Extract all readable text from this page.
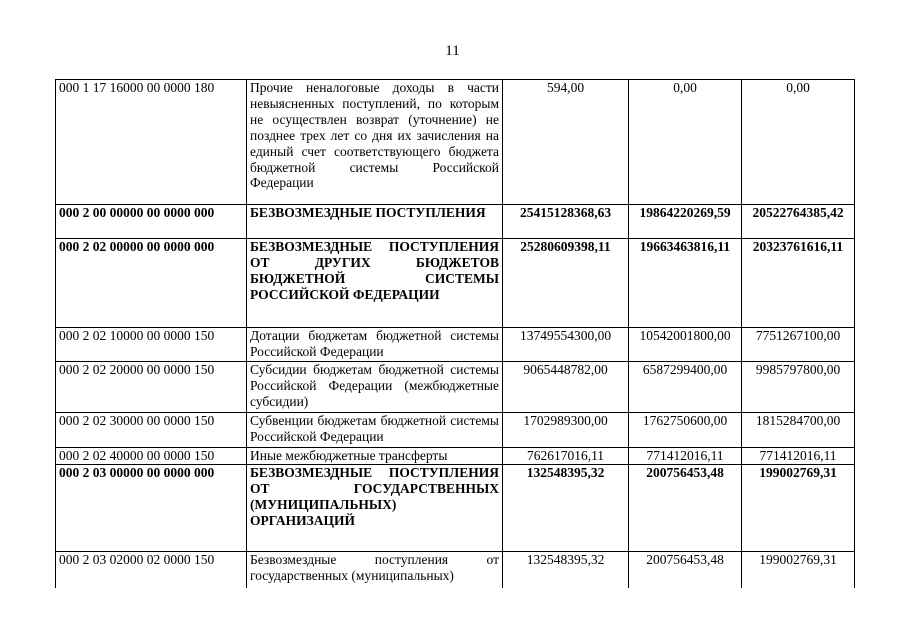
11
000 1 17 16000 00 0000 180	Прочие неналоговые доходы в части невыясненных поступлений, по которым не осуществлен возврат (уточнение) не позднее трех лет со дня их зачисления на единый счет соответствующего бюджета бюджетной системы Российской Федерации	594,00	0,00	0,00
000 2 00 00000 00 0000 000	БЕЗВОЗМЕЗДНЫЕ ПОСТУПЛЕНИЯ	25415128368,63	19864220269,59	20522764385,42
000 2 02 00000 00 0000 000	БЕЗВОЗМЕЗДНЫЕ ПОСТУПЛЕНИЯ ОТ ДРУГИХ БЮДЖЕТОВ БЮДЖЕТНОЙ СИСТЕМЫ РОССИЙСКОЙ ФЕДЕРАЦИИ	25280609398,11	19663463816,11	20323761616,11
000 2 02 10000 00 0000 150	Дотации бюджетам бюджетной системы Российской Федерации	13749554300,00	10542001800,00	7751267100,00
000 2 02 20000 00 0000 150	Субсидии бюджетам бюджетной системы Российской Федерации (межбюджетные субсидии)	9065448782,00	6587299400,00	9985797800,00
000 2 02 30000 00 0000 150	Субвенции бюджетам бюджетной системы Российской Федерации	1702989300,00	1762750600,00	1815284700,00
000 2 02 40000 00 0000 150	Иные межбюджетные трансферты	762617016,11	771412016,11	771412016,11
000 2 03 00000 00 0000 000	БЕЗВОЗМЕЗДНЫЕ ПОСТУПЛЕНИЯ ОТ ГОСУДАРСТВЕННЫХ (МУНИЦИПАЛЬНЫХ) ОРГАНИЗАЦИЙ	132548395,32	200756453,48	199002769,31
000 2 03 02000 02 0000 150	Безвозмездные поступления от государственных (муниципальных)	132548395,32	200756453,48	199002769,31
